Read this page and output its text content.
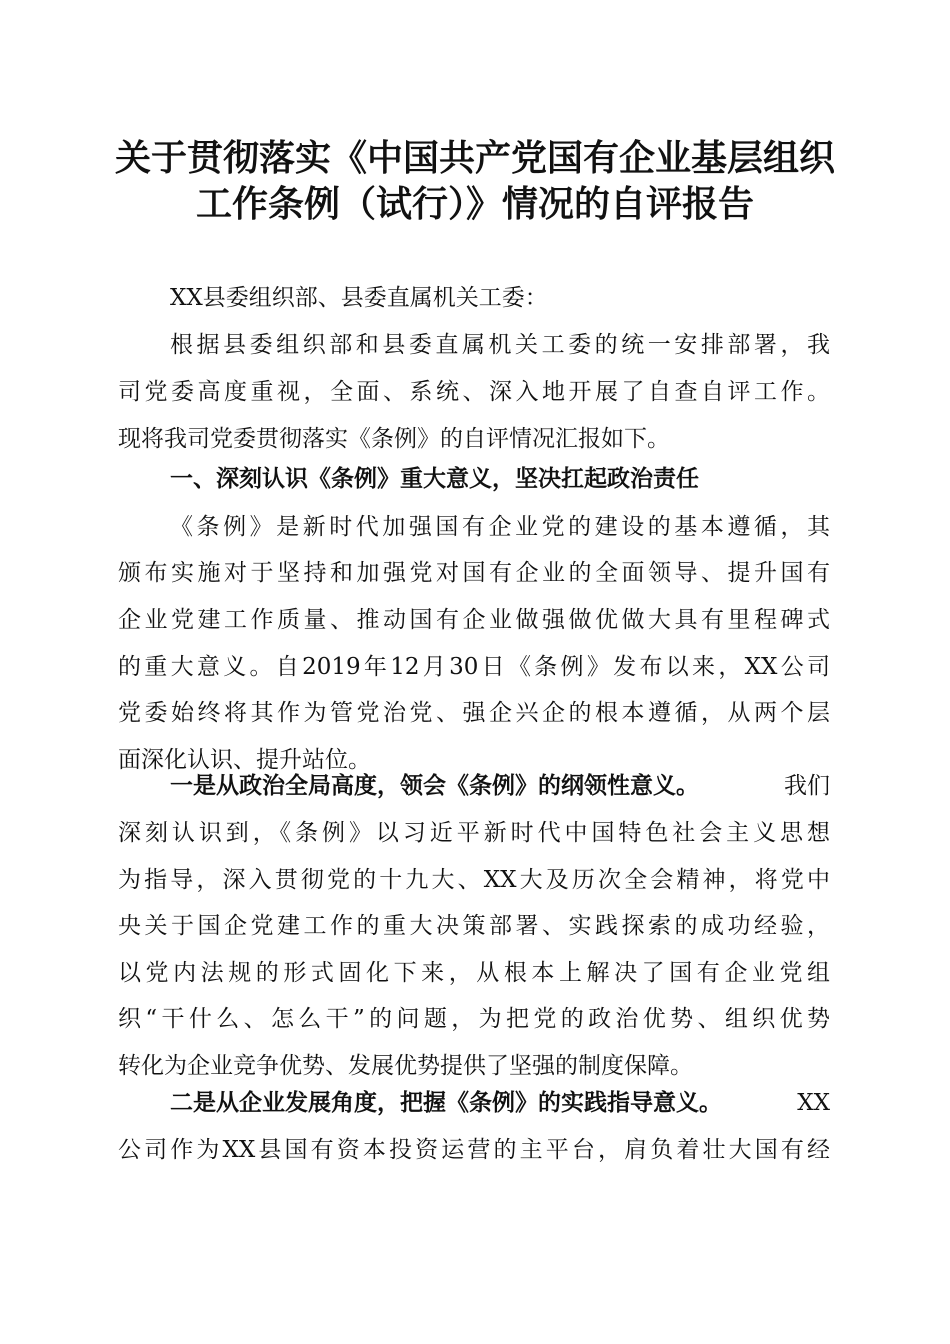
关于贯彻落实《中国共产党国有企业基层组织
工作条例（试行）》情况的自评报告
XX县委组织部、县委直属机关工委：
根据县委组织部和县委直属机关工委的统一安排部署，我
司党委高度重视，全面、系统、深入地开展了自查自评工作。
现将我司党委贯彻落实《条例》的自评情况汇报如下。
一、深刻认识《条例》重大意义，坚决扛起政治责任
《条例》是新时代加强国有企业党的建设的基本遵循，其
颁布实施对于坚持和加强党对国有企业的全面领导、提升国有
企业党建工作质量、推动国有企业做强做优做大具有里程碑式
的重大意义。自2019年12月30日《条例》发布以来，XX公司
党委始终将其作为管党治党、强企兴企的根本遵循，从两个层
面深化认识、提升站位。
一是从政治全局高度，领会《条例》的纲领性意义。	我们
深刻认识到，《条例》以习近平新时代中国特色社会主义思想
为指导，深入贯彻党的十九大、XX大及历次全会精神，将党中
央关于国企党建工作的重大决策部署、实践探索的成功经验，
以党内法规的形式固化下来，从根本上解决了国有企业党组
织“干什么、怎么干”的问题，为把党的政治优势、组织优势
转化为企业竞争优势、发展优势提供了坚强的制度保障。
二是从企业发展角度，把握《条例》的实践指导意义。	XX
公司作为XX县国有资本投资运营的主平台，肩负着壮大国有经
